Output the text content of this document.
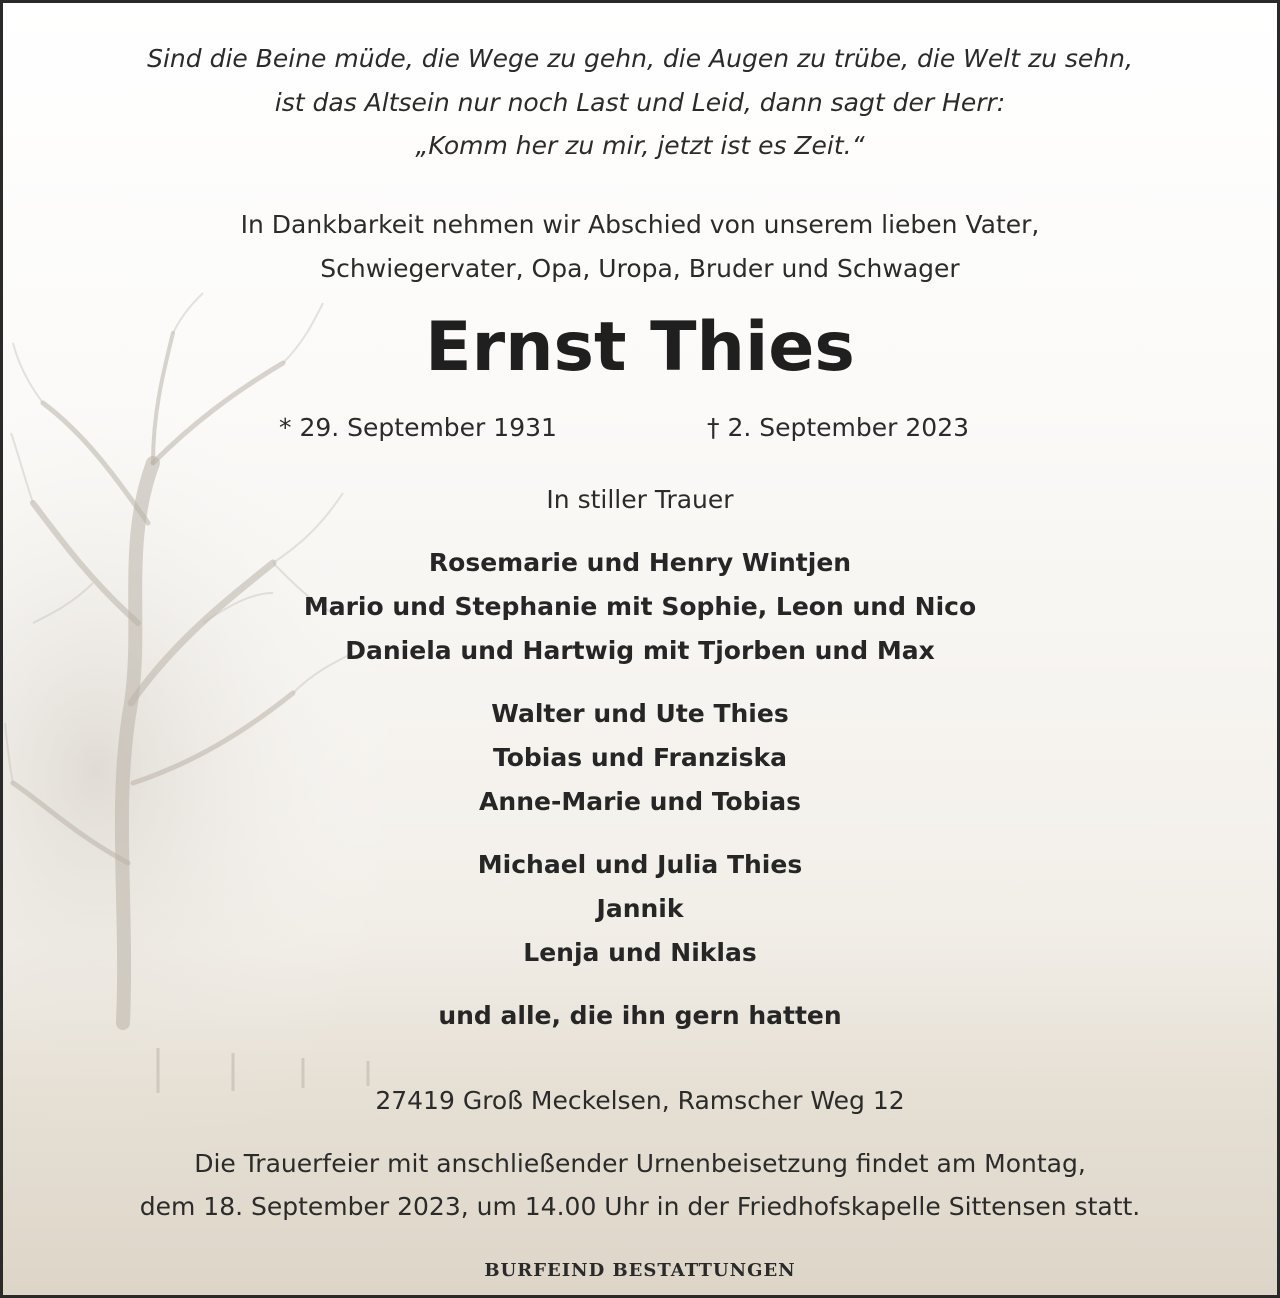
Sind die Beine müde, die Wege zu gehn, die Augen zu trübe, die Welt zu sehn,
ist das Altsein nur noch Last und Leid, dann sagt der Herr:
„Komm her zu mir, jetzt ist es Zeit.“
In Dankbarkeit nehmen wir Abschied von unserem lieben Vater,
Schwiegervater, Opa, Uropa, Bruder und Schwager
Ernst Thies
* 29. September 1931	† 2. September 2023
In stiller Trauer
Rosemarie und Henry Wintjen
Mario und Stephanie mit Sophie, Leon und Nico
Daniela und Hartwig mit Tjorben und Max
Walter und Ute Thies
Tobias und Franziska
Anne-Marie und Tobias
Michael und Julia Thies
Jannik
Lenja und Niklas
und alle, die ihn gern hatten
27419 Groß Meckelsen, Ramscher Weg 12
Die Trauerfeier mit anschließender Urnenbeisetzung findet am Montag,
dem 18. September 2023, um 14.00 Uhr in der Friedhofskapelle Sittensen statt.
BURFEIND BESTATTUNGEN
